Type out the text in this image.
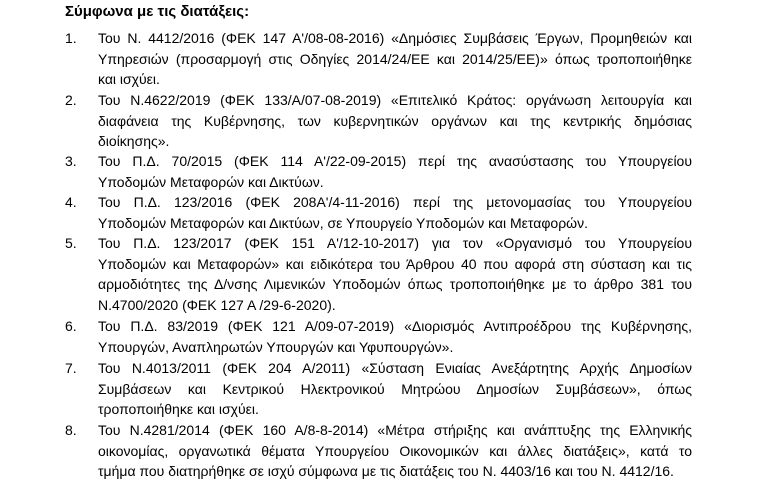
Σύμφωνα με τις διατάξεις:
1. Του Ν. 4412/2016 (ΦΕΚ 147 Α'/08-08-2016) «Δημόσιες Συμβάσεις Έργων, Προμηθειών και
Υπηρεσιών (προσαρμογή στις Οδηγίες 2014/24/ΕΕ και 2014/25/ΕΕ)» όπως τροποποιήθηκε
και ισχύει.
2. Του Ν.4622/2019 (ΦΕΚ 133/Α/07-08-2019) «Επιτελικό Κράτος: οργάνωση λειτουργία και
διαφάνεια της Κυβέρνησης, των κυβερνητικών οργάνων και της κεντρικής δημόσιας
διοίκησης».
3. Του Π.Δ. 70/2015 (ΦΕΚ 114 Α'/22-09-2015) περί της ανασύστασης του Υπουργείου
Υποδομών Μεταφορών και Δικτύων.
4. Του Π.Δ. 123/2016 (ΦΕΚ 208Α'/4-11-2016) περί της μετονομασίας του Υπουργείου
Υποδομών Μεταφορών και Δικτύων, σε Υπουργείο Υποδομών και Μεταφορών.
5. Του Π.Δ. 123/2017 (ΦΕΚ 151 Α'/12-10-2017) για τον «Οργανισμό του Υπουργείου
Υποδομών και Μεταφορών» και ειδικότερα του Άρθρου 40 που αφορά στη σύσταση και τις
αρμοδιότητες της Δ/νσης Λιμενικών Υποδομών όπως τροποποιήθηκε με το άρθρο 381 του
Ν.4700/2020 (ΦΕΚ 127 Α /29-6-2020).
6. Του Π.Δ. 83/2019 (ΦΕΚ 121 Α/09-07-2019) «Διορισμός Αντιπροέδρου της Κυβέρνησης,
Υπουργών, Αναπληρωτών Υπουργών και Υφυπουργών».
7. Του Ν.4013/2011 (ΦΕΚ 204 Α/2011) «Σύσταση Ενιαίας Ανεξάρτητης Αρχής Δημοσίων
Συμβάσεων και Κεντρικού Ηλεκτρονικού Μητρώου Δημοσίων Συμβάσεων», όπως
τροποποιήθηκε και ισχύει.
8. Του Ν.4281/2014 (ΦΕΚ 160 Α/8-8-2014) «Μέτρα στήριξης και ανάπτυξης της Ελληνικής
οικονομίας, οργανωτικά θέματα Υπουργείου Οικονομικών και άλλες διατάξεις», κατά το
τμήμα που διατηρήθηκε σε ισχύ σύμφωνα με τις διατάξεις του Ν. 4403/16 και του Ν. 4412/16.
